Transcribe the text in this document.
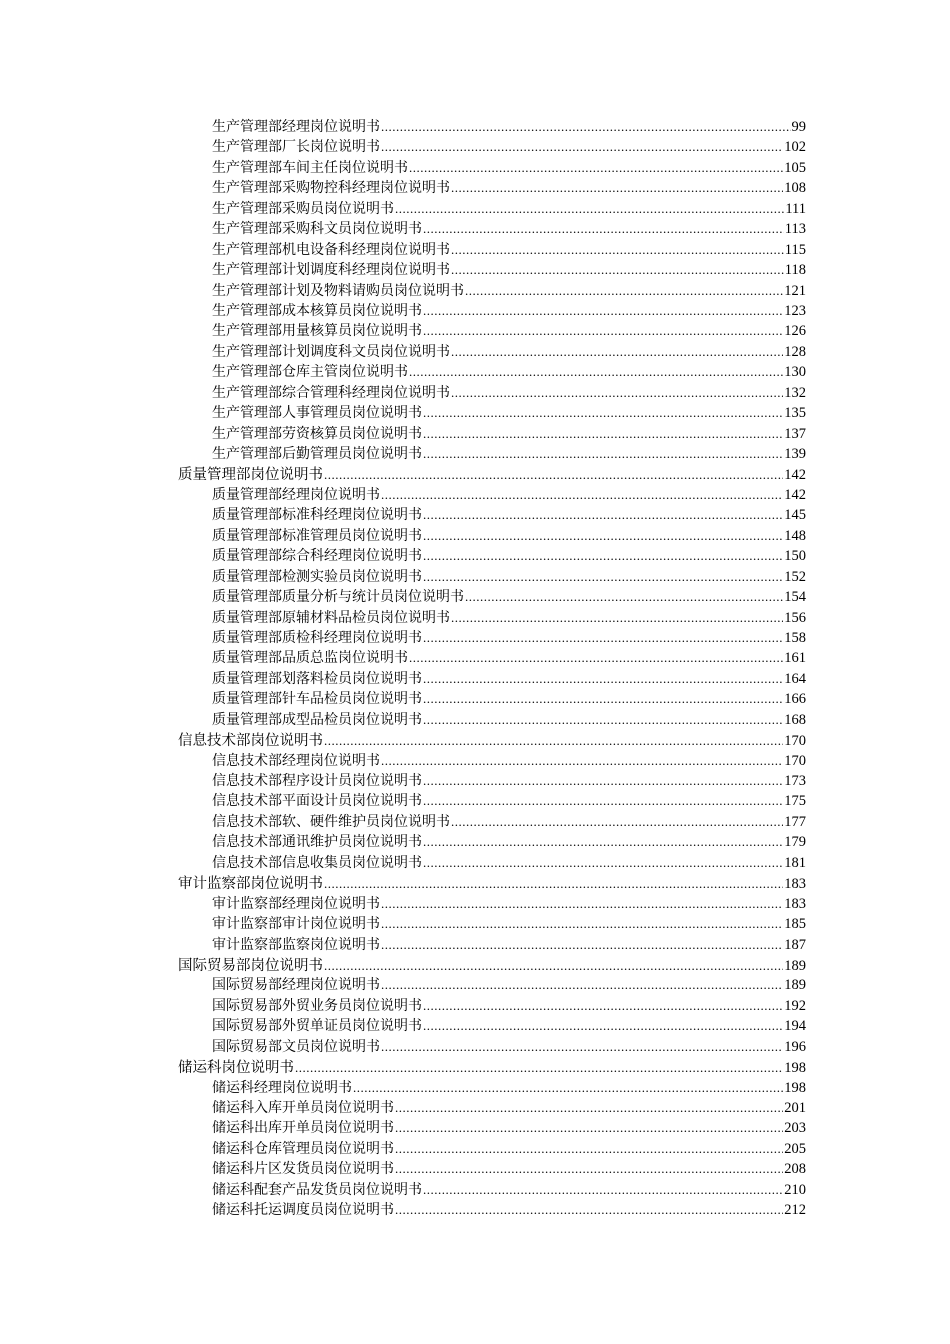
生产管理部经理岗位说明书 .....	99
生产管理部厂长岗位说明书 .....	102
生产管理部车间主任岗位说明书 .....	105
生产管理部采购物控科经理岗位说明书 .....	108
生产管理部采购员岗位说明书 .....	111
生产管理部采购科文员岗位说明书 .....	113
生产管理部机电设备科经理岗位说明书 .....	115
生产管理部计划调度科经理岗位说明书 .....	118
生产管理部计划及物料请购员岗位说明书 .....	121
生产管理部成本核算员岗位说明书 .....	123
生产管理部用量核算员岗位说明书 .....	126
生产管理部计划调度科文员岗位说明书 .....	128
生产管理部仓库主管岗位说明书 .....	130
生产管理部综合管理科经理岗位说明书 .....	132
生产管理部人事管理员岗位说明书 .....	135
生产管理部劳资核算员岗位说明书 .....	137
生产管理部后勤管理员岗位说明书 .....	139
质量管理部岗位说明书 .....	142
质量管理部经理岗位说明书 .....	142
质量管理部标准科经理岗位说明书 .....	145
质量管理部标准管理员岗位说明书 .....	148
质量管理部综合科经理岗位说明书 .....	150
质量管理部检测实验员岗位说明书 .....	152
质量管理部质量分析与统计员岗位说明书 .....	154
质量管理部原辅材料品检员岗位说明书 .....	156
质量管理部质检科经理岗位说明书 .....	158
质量管理部品质总监岗位说明书 .....	161
质量管理部划落料检员岗位说明书 .....	164
质量管理部针车品检员岗位说明书 .....	166
质量管理部成型品检员岗位说明书 .....	168
信息技术部岗位说明书 .....	170
信息技术部经理岗位说明书 .....	170
信息技术部程序设计员岗位说明书 .....	173
信息技术部平面设计员岗位说明书 .....	175
信息技术部软、硬件维护员岗位说明书 .....	177
信息技术部通讯维护员岗位说明书 .....	179
信息技术部信息收集员岗位说明书 .....	181
审计监察部岗位说明书 .....	183
审计监察部经理岗位说明书 .....	183
审计监察部审计岗位说明书 .....	185
审计监察部监察岗位说明书 .....	187
国际贸易部岗位说明书 .....	189
国际贸易部经理岗位说明书 .....	189
国际贸易部外贸业务员岗位说明书 .....	192
国际贸易部外贸单证员岗位说明书 .....	194
国际贸易部文员岗位说明书 .....	196
储运科岗位说明书 .....	198
储运科经理岗位说明书 .....	198
储运科入库开单员岗位说明书 .....	201
储运科出库开单员岗位说明书 .....	203
储运科仓库管理员岗位说明书 .....	205
储运科片区发货员岗位说明书 .....	208
储运科配套产品发货员岗位说明书 .....	210
储运科托运调度员岗位说明书 .....	212
